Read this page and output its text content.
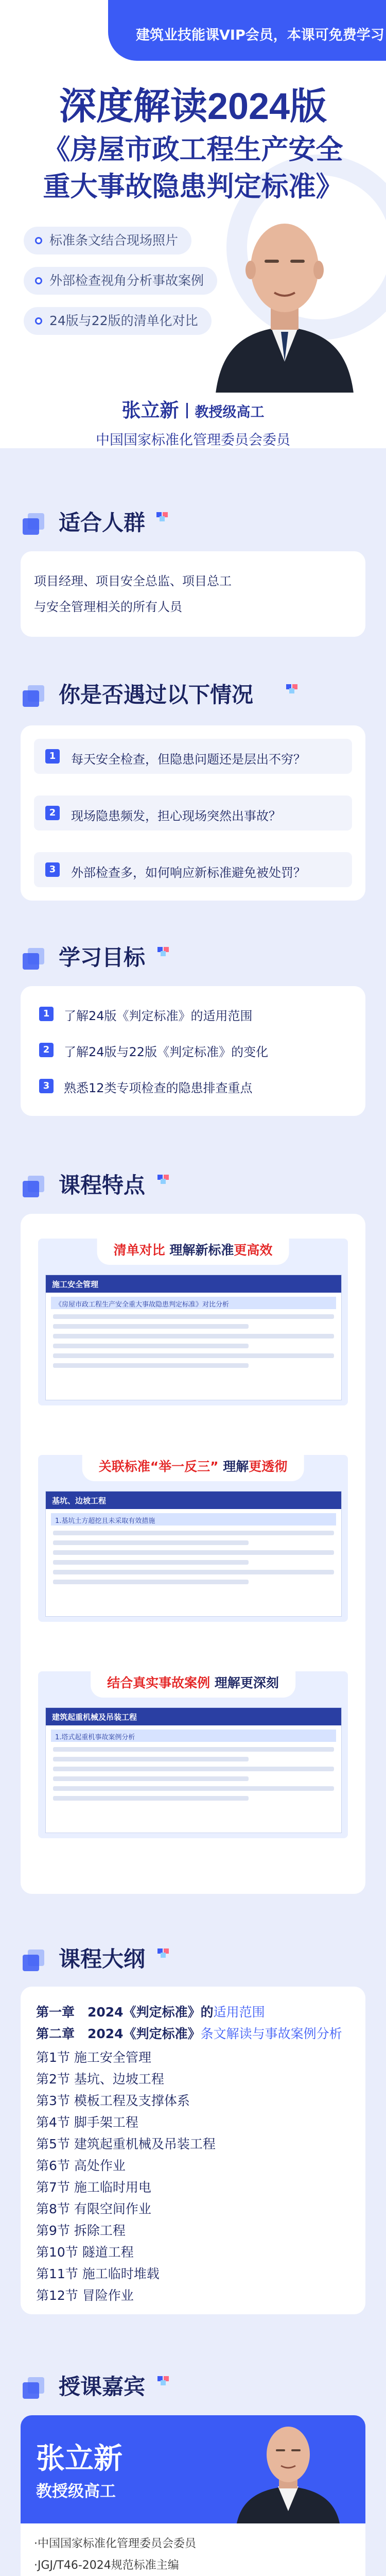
建筑业技能课VIP会员，本课可免费学习
深度解读2024版
《房屋市政工程生产安全
重大事故隐患判定标准》
标准条文结合现场照片
外部检查视角分析事故案例
24版与22版的清单化对比
张立新 教授级高工
中国国家标准化管理委员会委员
适合人群
项目经理、项目安全总监、项目总工
与安全管理相关的所有人员
你是否遇过以下情况
1	每天安全检查，但隐患问题还是层出不穷？
2	现场隐患频发，担心现场突然出事故？
3	外部检查多，如何响应新标准避免被处罚？
学习目标
1	了解24版《判定标准》的适用范围
2	了解24版与22版《判定标准》的变化
3	熟悉12类专项检查的隐患排查重点
课程特点
清单对比 理解新标准更高效
施工安全管理
《房屋市政工程生产安全重大事故隐患判定标准》对比分析
关联标准“举一反三” 理解更透彻
基坑、边坡工程
1.基坑土方超挖且未采取有效措施
结合真实事故案例 理解更深刻
建筑起重机械及吊装工程
1.塔式起重机事故案例分析
课程大纲
第一章　2024《判定标准》的适用范围
第二章　2024《判定标准》条文解读与事故案例分析
第1节 施工安全管理
第2节 基坑、边坡工程
第3节 模板工程及支撑体系
第4节 脚手架工程
第5节 建筑起重机械及吊装工程
第6节 高处作业
第7节 施工临时用电
第8节 有限空间作业
第9节 拆除工程
第10节 隧道工程
第11节 施工临时堆载
第12节 冒险作业
授课嘉宾
张立新
教授级高工
·中国国家标准化管理委员会委员
·JGJ/T46-2024规范标准主编
